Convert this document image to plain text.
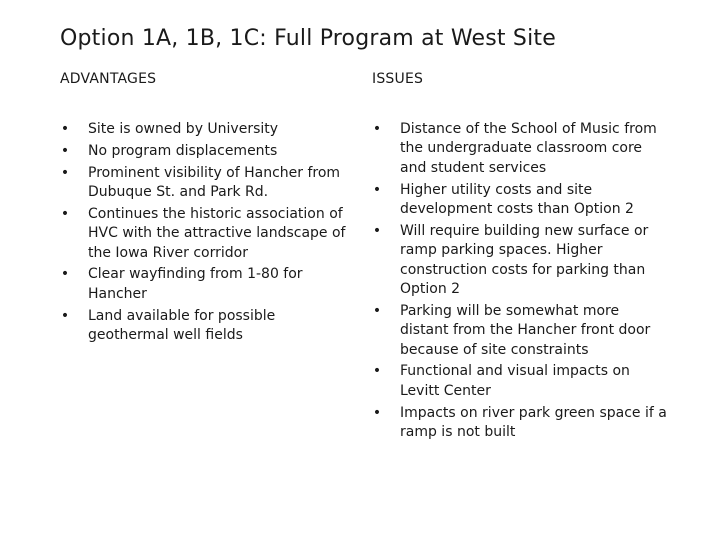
Option 1A, 1B, 1C: Full Program at West Site
ADVANTAGES
• Site is owned by University
• No program displacements
• Prominent visibility of Hancher from Dubuque St. and Park Rd.
• Continues the historic association of HVC with the attractive landscape of the Iowa River corridor
• Clear wayfinding from 1-80 for Hancher
• Land available for possible geothermal well fields
ISSUES
• Distance of the School of Music from the undergraduate classroom core and student services
• Higher utility costs and site development costs than Option 2
• Will require building new surface or ramp parking spaces. Higher construction costs for parking than Option 2
• Parking will be somewhat more distant from the Hancher front door because of site constraints
• Functional and visual impacts on Levitt Center
• Impacts on river park green space if a ramp is not built
